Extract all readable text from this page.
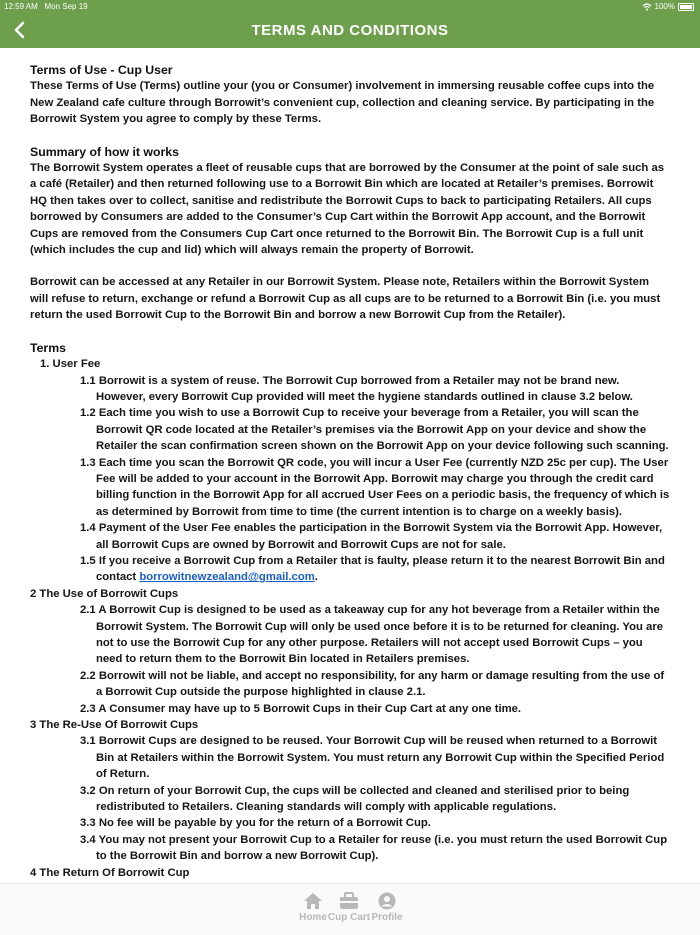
12:59 AM Mon Sep 19	100%
TERMS AND CONDITIONS

Terms of Use - Cup User

These Terms of Use (Terms) outline your (you or Consumer) involvement in immersing reusable coffee cups into the New Zealand cafe culture through Borrowit’s convenient cup, collection and cleaning service. By participating in the Borrowit System you agree to comply by these Terms.

Summary of how it works

The Borrowit System operates a fleet of reusable cups that are borrowed by the Consumer at the point of sale such as a café (Retailer) and then returned following use to a Borrowit Bin which are located at Retailer’s premises. Borrowit HQ then takes over to collect, sanitise and redistribute the Borrowit Cups to back to participating Retailers. All cups borrowed by Consumers are added to the Consumer’s Cup Cart within the Borrowit App account, and the Borrowit Cups are removed from the Consumers Cup Cart once returned to the Borrowit Bin. The Borrowit Cup is a full unit (which includes the cup and lid) which will always remain the property of Borrowit.

Borrowit can be accessed at any Retailer in our Borrowit System. Please note, Retailers within the Borrowit System will refuse to return, exchange or refund a Borrowit Cup as all cups are to be returned to a Borrowit Bin (i.e. you must return the used Borrowit Cup to the Borrowit Bin and borrow a new Borrowit Cup from the Retailer).

Terms

1. User Fee

1.1 Borrowit is a system of reuse. The Borrowit Cup borrowed from a Retailer may not be brand new. However, every Borrowit Cup provided will meet the hygiene standards outlined in clause 3.2 below.

1.2 Each time you wish to use a Borrowit Cup to receive your beverage from a Retailer, you will scan the Borrowit QR code located at the Retailer’s premises via the Borrowit App on your device and show the Retailer the scan confirmation screen shown on the Borrowit App on your device following such scanning.

1.3 Each time you scan the Borrowit QR code, you will incur a User Fee (currently NZD 25c per cup). The User Fee will be added to your account in the Borrowit App. Borrowit may charge you through the credit card billing function in the Borrowit App for all accrued User Fees on a periodic basis, the frequency of which is as determined by Borrowit from time to time (the current intention is to charge on a weekly basis).

1.4 Payment of the User Fee enables the participation in the Borrowit System via the Borrowit App. However, all Borrowit Cups are owned by Borrowit and Borrowit Cups are not for sale.

1.5 If you receive a Borrowit Cup from a Retailer that is faulty, please return it to the nearest Borrowit Bin and contact borrowitnewzealand@gmail.com.

2 The Use of Borrowit Cups

2.1 A Borrowit Cup is designed to be used as a takeaway cup for any hot beverage from a Retailer within the Borrowit System. The Borrowit Cup will only be used once before it is to be returned for cleaning. You are not to use the Borrowit Cup for any other purpose. Retailers will not accept used Borrowit Cups – you need to return them to the Borrowit Bin located in Retailers premises.

2.2 Borrowit will not be liable, and accept no responsibility, for any harm or damage resulting from the use of a Borrowit Cup outside the purpose highlighted in clause 2.1.

2.3 A Consumer may have up to 5 Borrowit Cups in their Cup Cart at any one time.

3 The Re-Use Of Borrowit Cups

3.1 Borrowit Cups are designed to be reused. Your Borrowit Cup will be reused when returned to a Borrowit Bin at Retailers within the Borrowit System. You must return any Borrowit Cup within the Specified Period of Return.

3.2 On return of your Borrowit Cup, the cups will be collected and cleaned and sterilised prior to being redistributed to Retailers. Cleaning standards will comply with applicable regulations.

3.3 No fee will be payable by you for the return of a Borrowit Cup.

3.4 You may not present your Borrowit Cup to a Retailer for reuse (i.e. you must return the used Borrowit Cup to the Borrowit Bin and borrow a new Borrowit Cup).

4 The Return Of Borrowit Cup

Home Cup Cart Profile
